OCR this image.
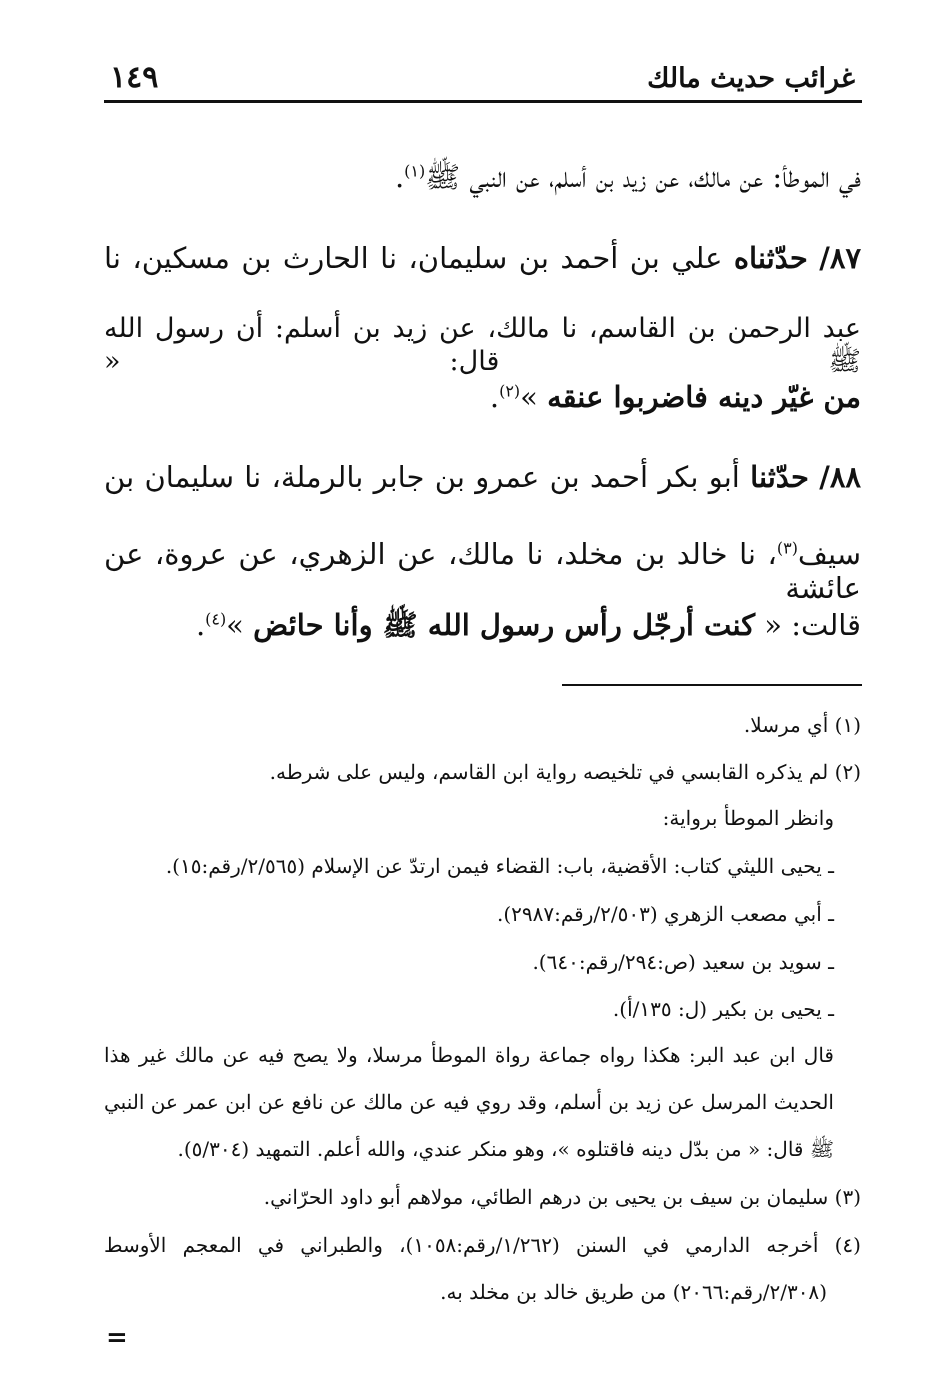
غرائب حديث مالك
١٤٩
في الموطأ: عن مالك، عن زيد بن أسلم، عن النبي ﷺ$^{(١)}$.
٨٧/ حدّثناه علي بن أحمد بن سليمان، نا الحارث بن مسكين، نا
عبد الرحمن بن القاسم، نا مالك، عن زيد بن أسلم: أن رسول الله ﷺ قال: «
من غيّر دينه فاضربوا عنقه »$^{(٢)}$.
٨٨/ حدّثنا أبو بكر أحمد بن عمرو بن جابر بالرملة، نا سليمان بن
سيف$^{(٣)}$، نا خالد بن مخلد، نا مالك، عن الزهري، عن عروة، عن عائشة
قالت: « كنت أرجّل رأس رسول الله ﷺ وأنا حائض »$^{(٤)}$.
(١) أي مرسلا.
(٢) لم يذكره القابسي في تلخيصه رواية ابن القاسم، وليس على شرطه.
وانظر الموطأ برواية:
ـ يحيى الليثي كتاب: الأقضية، باب: القضاء فيمن ارتدّ عن الإسلام (٢/٥٦٥/رقم:١٥).
ـ أبي مصعب الزهري (٢/٥٠٣/رقم:٢٩٨٧).
ـ سويد بن سعيد (ص:٢٩٤/رقم:٦٤٠).
ـ يحيى بن بكير (ل: ١٣٥/أ).
قال ابن عبد البر: هكذا رواه جماعة رواة الموطأ مرسلا، ولا يصح فيه عن مالك غير هذا
الحديث المرسل عن زيد بن أسلم، وقد روي فيه عن مالك عن نافع عن ابن عمر عن النبي
ﷺ قال: « من بدّل دينه فاقتلوه »، وهو منكر عندي، والله أعلم. التمهيد (٥/٣٠٤).
(٣) سليمان بن سيف بن يحيى بن درهم الطائي، مولاهم أبو داود الحرّاني.
(٤) أخرجه الدارمي في السنن (١/٢٦٢/رقم:١٠٥٨)، والطبراني في المعجم الأوسط
(٢/٣٠٨/رقم:٢٠٦٦) من طريق خالد بن مخلد به.
=
